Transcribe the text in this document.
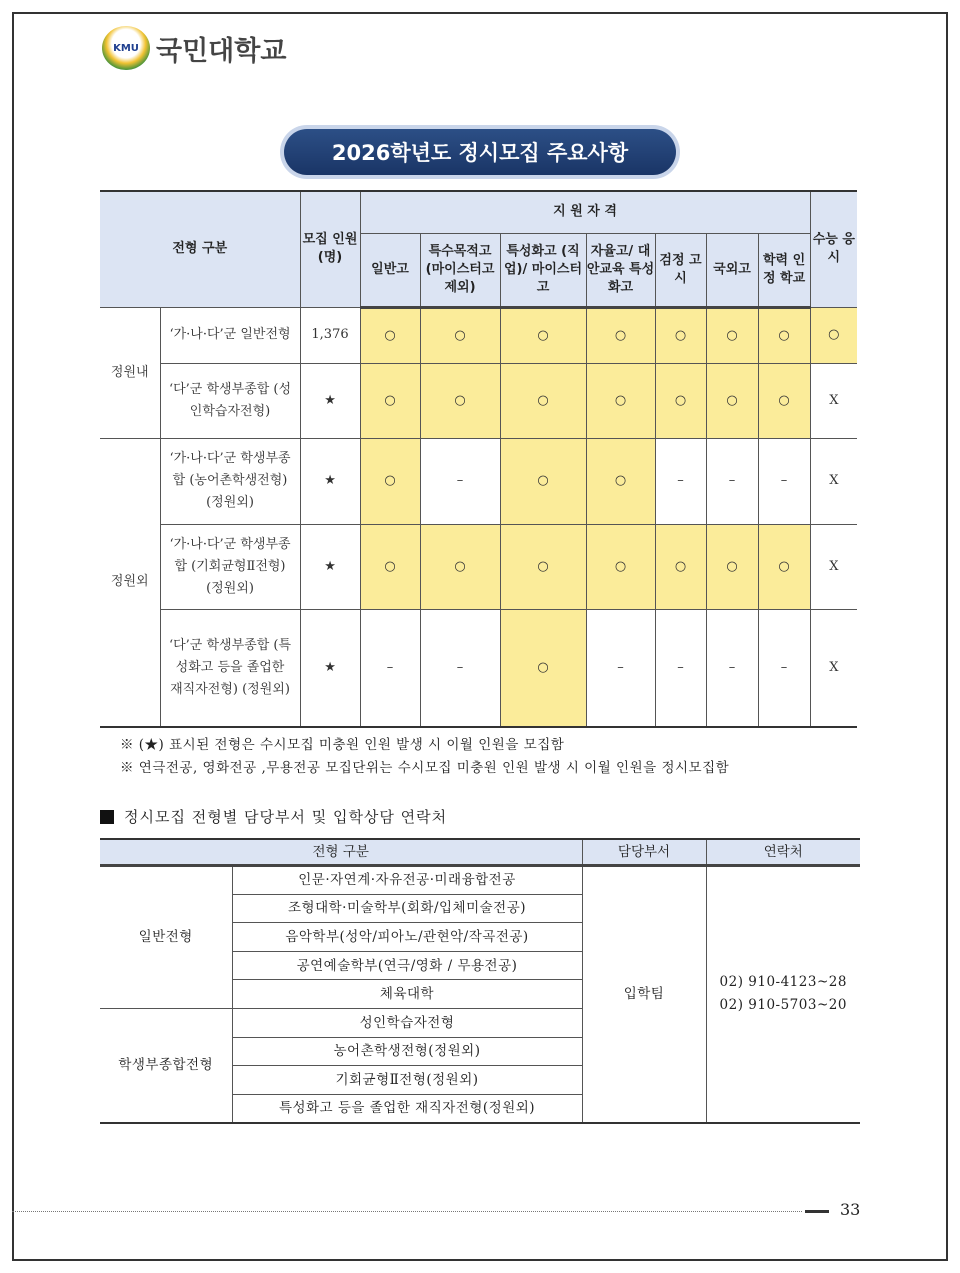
KMU 국민대학교
2026학년도 정시모집 주요사항
전형 구분		모집 인원 (명)	지 원 자 격							수능 응시
			일반고	특수목적고 (마이스터고 제외)	특성화고 (직업)/ 마이스터고	자율고/ 대안교육 특성화고	검정 고시	국외고	학력 인정 학교	
정원내	‘가·나·다’군 일반전형	1,376	○	○	○	○	○	○	○	○
	‘다’군 학생부종합 (성인학습자전형)	★	○	○	○	○	○	○	○	X
정원외	‘가·나·다’군 학생부종합 (농어촌학생전형) (정원외)	★	○	–	○	○	–	–	–	X
	‘가·나·다’군 학생부종합 (기회균형Ⅱ전형) (정원외)	★	○	○	○	○	○	○	○	X
	‘다’군 학생부종합 (특성화고 등을 졸업한 재직자전형) (정원외)	★	–	–	○	–	–	–	–	X
※ (★) 표시된 전형은 수시모집 미충원 인원 발생 시 이월 인원을 모집함
※ 연극전공, 영화전공 ,무용전공 모집단위는 수시모집 미충원 인원 발생 시 이월 인원을 정시모집함
정시모집 전형별 담당부서 및 입학상담 연락처
전형 구분		담당부서	연락처
일반전형	인문·자연계·자유전공·미래융합전공	입학팀	02) 910-4123~28
02) 910-5703~20

	조형대학·미술학부(회화/입체미술전공)		
	음악학부(성악/피아노/관현악/작곡전공)		
	공연예술학부(연극/영화 / 무용전공)		
	체육대학		
학생부종합전형	성인학습자전형		
	농어촌학생전형(정원외)		
	기회균형Ⅱ전형(정원외)		
	특성화고 등을 졸업한 재직자전형(정원외)		
33
